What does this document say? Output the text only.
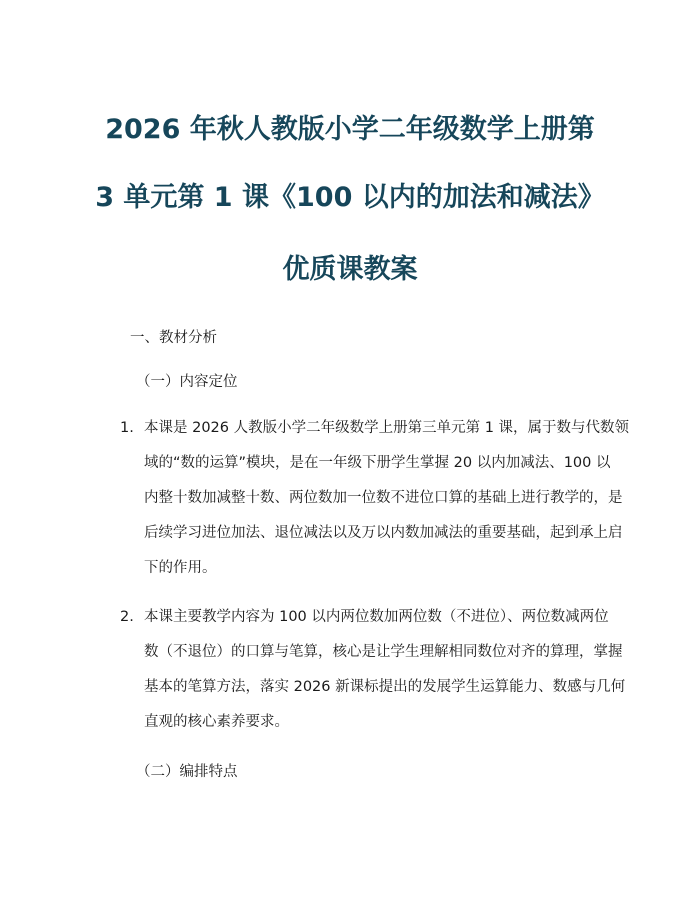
2026 年秋人教版小学二年级数学上册第
3 单元第 1 课《100 以内的加法和减法》
优质课教案
一、教材分析
（一）内容定位
1. 本课是 2026 人教版小学二年级数学上册第三单元第 1 课，属于数与代数领
域的“数的运算”模块，是在一年级下册学生掌握 20 以内加减法、100 以
内整十数加减整十数、两位数加一位数不进位口算的基础上进行教学的，是
后续学习进位加法、退位减法以及万以内数加减法的重要基础，起到承上启
下的作用。
2. 本课主要教学内容为 100 以内两位数加两位数（不进位）、两位数减两位
数（不退位）的口算与笔算，核心是让学生理解相同数位对齐的算理，掌握
基本的笔算方法，落实 2026 新课标提出的发展学生运算能力、数感与几何
直观的核心素养要求。
（二）编排特点
